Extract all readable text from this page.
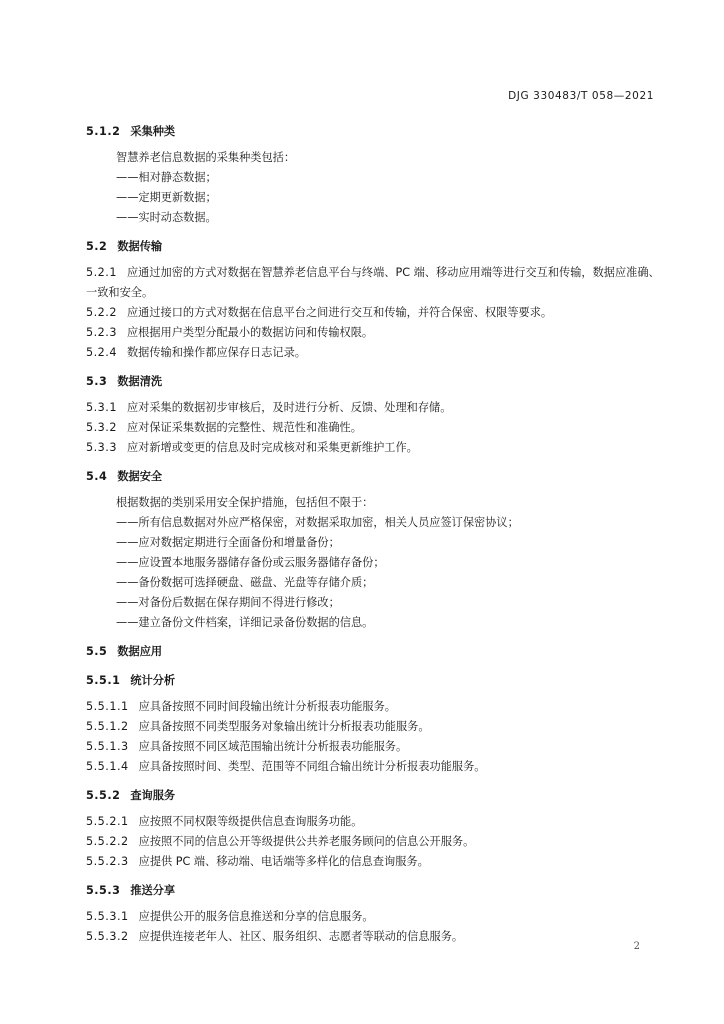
DJG 330483/T 058—2021
5.1.2 采集种类
智慧养老信息数据的采集种类包括：
——相对静态数据；
——定期更新数据；
——实时动态数据。
5.2 数据传输
5.2.1 应通过加密的方式对数据在智慧养老信息平台与终端、PC 端、移动应用端等进行交互和传输，数据应准确、一致和安全。
5.2.2 应通过接口的方式对数据在信息平台之间进行交互和传输，并符合保密、权限等要求。
5.2.3 应根据用户类型分配最小的数据访问和传输权限。
5.2.4 数据传输和操作都应保存日志记录。
5.3 数据清洗
5.3.1 应对采集的数据初步审核后，及时进行分析、反馈、处理和存储。
5.3.2 应对保证采集数据的完整性、规范性和准确性。
5.3.3 应对新增或变更的信息及时完成核对和采集更新维护工作。
5.4 数据安全
根据数据的类别采用安全保护措施，包括但不限于：
——所有信息数据对外应严格保密，对数据采取加密，相关人员应签订保密协议；
——应对数据定期进行全面备份和增量备份；
——应设置本地服务器储存备份或云服务器储存备份；
——备份数据可选择硬盘、磁盘、光盘等存储介质；
——对备份后数据在保存期间不得进行修改；
——建立备份文件档案，详细记录备份数据的信息。
5.5 数据应用
5.5.1 统计分析
5.5.1.1 应具备按照不同时间段输出统计分析报表功能服务。
5.5.1.2 应具备按照不同类型服务对象输出统计分析报表功能服务。
5.5.1.3 应具备按照不同区域范围输出统计分析报表功能服务。
5.5.1.4 应具备按照时间、类型、范围等不同组合输出统计分析报表功能服务。
5.5.2 查询服务
5.5.2.1 应按照不同权限等级提供信息查询服务功能。
5.5.2.2 应按照不同的信息公开等级提供公共养老服务顾问的信息公开服务。
5.5.2.3 应提供 PC 端、移动端、电话端等多样化的信息查询服务。
5.5.3 推送分享
5.5.3.1 应提供公开的服务信息推送和分享的信息服务。
5.5.3.2 应提供连接老年人、社区、服务组织、志愿者等联动的信息服务。
2
